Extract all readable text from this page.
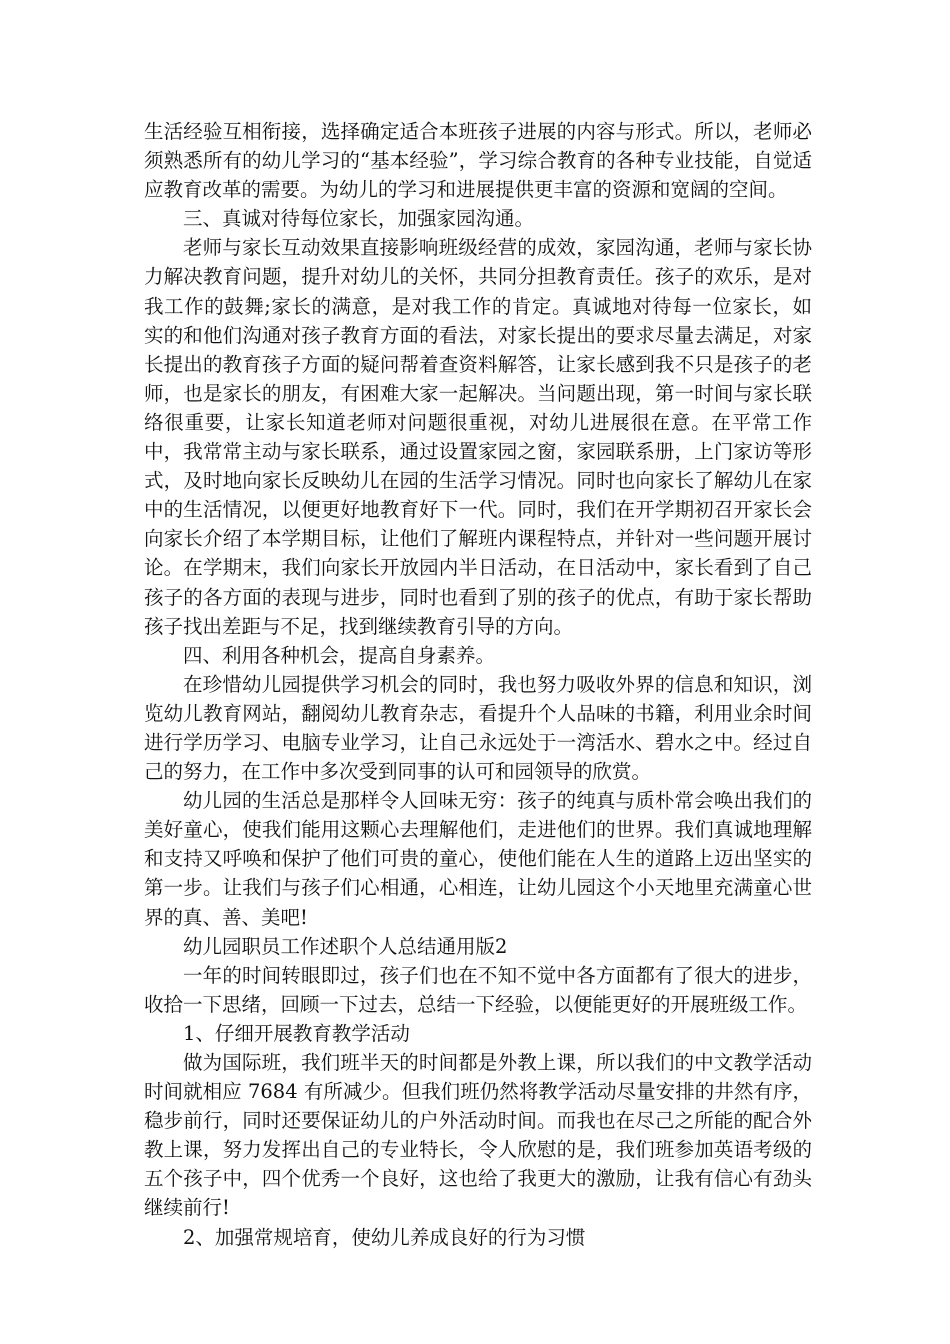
生活经验互相衔接，选择确定适合本班孩子进展的内容与形式。所以，老师必须熟悉所有的幼儿学习的“基本经验”，学习综合教育的各种专业技能，自觉适应教育改革的需要。为幼儿的学习和进展提供更丰富的资源和宽阔的空间。

三、真诚对待每位家长，加强家园沟通。

老师与家长互动效果直接影响班级经营的成效，家园沟通，老师与家长协力解决教育问题，提升对幼儿的关怀，共同分担教育责任。孩子的欢乐，是对我工作的鼓舞;家长的满意，是对我工作的肯定。真诚地对待每一位家长，如实的和他们沟通对孩子教育方面的看法，对家长提出的要求尽量去满足，对家长提出的教育孩子方面的疑问帮着查资料解答，让家长感到我不只是孩子的老师，也是家长的朋友，有困难大家一起解决。当问题出现，第一时间与家长联络很重要，让家长知道老师对问题很重视，对幼儿进展很在意。在平常工作中，我常常主动与家长联系，通过设置家园之窗，家园联系册，上门家访等形式，及时地向家长反映幼儿在园的生活学习情况。同时也向家长了解幼儿在家中的生活情况，以便更好地教育好下一代。同时，我们在开学期初召开家长会向家长介绍了本学期目标，让他们了解班内课程特点，并针对一些问题开展讨论。在学期末，我们向家长开放园内半日活动，在日活动中，家长看到了自己孩子的各方面的表现与进步，同时也看到了别的孩子的优点，有助于家长帮助孩子找出差距与不足，找到继续教育引导的方向。

四、利用各种机会，提高自身素养。

在珍惜幼儿园提供学习机会的同时，我也努力吸收外界的信息和知识，浏览幼儿教育网站，翻阅幼儿教育杂志，看提升个人品味的书籍，利用业余时间进行学历学习、电脑专业学习，让自己永远处于一湾活水、碧水之中。经过自己的努力，在工作中多次受到同事的认可和园领导的欣赏。

幼儿园的生活总是那样令人回味无穷：孩子的纯真与质朴常会唤出我们的美好童心，使我们能用这颗心去理解他们，走进他们的世界。我们真诚地理解和支持又呼唤和保护了他们可贵的童心，使他们能在人生的道路上迈出坚实的第一步。让我们与孩子们心相通，心相连，让幼儿园这个小天地里充满童心世界的真、善、美吧!

幼儿园职员工作述职个人总结通用版2

一年的时间转眼即过，孩子们也在不知不觉中各方面都有了很大的进步，收拾一下思绪，回顾一下过去，总结一下经验，以便能更好的开展班级工作。

1、仔细开展教育教学活动

做为国际班，我们班半天的时间都是外教上课，所以我们的中文教学活动时间就相应 7684 有所减少。但我们班仍然将教学活动尽量安排的井然有序，稳步前行，同时还要保证幼儿的户外活动时间。而我也在尽己之所能的配合外教上课，努力发挥出自己的专业特长，令人欣慰的是，我们班参加英语考级的五个孩子中，四个优秀一个良好，这也给了我更大的激励，让我有信心有劲头继续前行!

2、加强常规培育，使幼儿养成良好的行为习惯
